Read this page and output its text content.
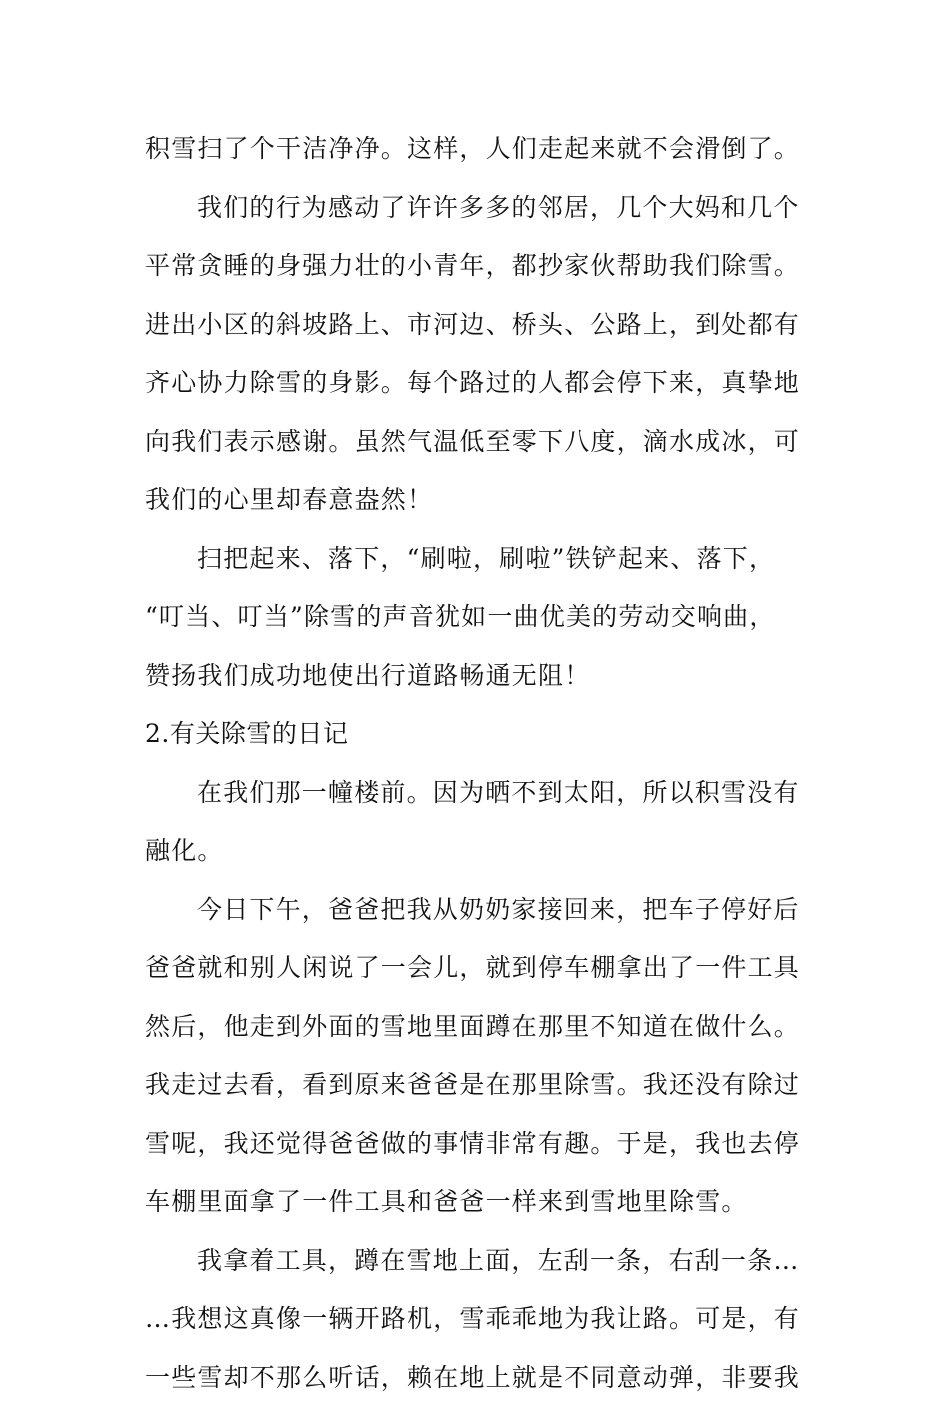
积雪扫了个干洁净净。这样，人们走起来就不会滑倒了。
我们的行为感动了许许多多的邻居，几个大妈和几个
平常贪睡的身强力壮的小青年，都抄家伙帮助我们除雪。
进出小区的斜坡路上、市河边、桥头、公路上，到处都有
齐心协力除雪的身影。每个路过的人都会停下来，真挚地
向我们表示感谢。虽然气温低至零下八度，滴水成冰，可
我们的心里却春意盎然！
扫把起来、落下，“刷啦，刷啦”铁铲起来、落下，
“叮当、叮当”除雪的声音犹如一曲优美的劳动交响曲，
赞扬我们成功地使出行道路畅通无阻！
2.有关除雪的日记
在我们那一幢楼前。因为晒不到太阳，所以积雪没有
融化。
今日下午，爸爸把我从奶奶家接回来，把车子停好后
爸爸就和别人闲说了一会儿，就到停车棚拿出了一件工具
然后，他走到外面的雪地里面蹲在那里不知道在做什么。
我走过去看，看到原来爸爸是在那里除雪。我还没有除过
雪呢，我还觉得爸爸做的事情非常有趣。于是，我也去停
车棚里面拿了一件工具和爸爸一样来到雪地里除雪。
我拿着工具，蹲在雪地上面，左刮一条，右刮一条…
…我想这真像一辆开路机，雪乖乖地为我让路。可是，有
一些雪却不那么听话，赖在地上就是不同意动弹，非要我
